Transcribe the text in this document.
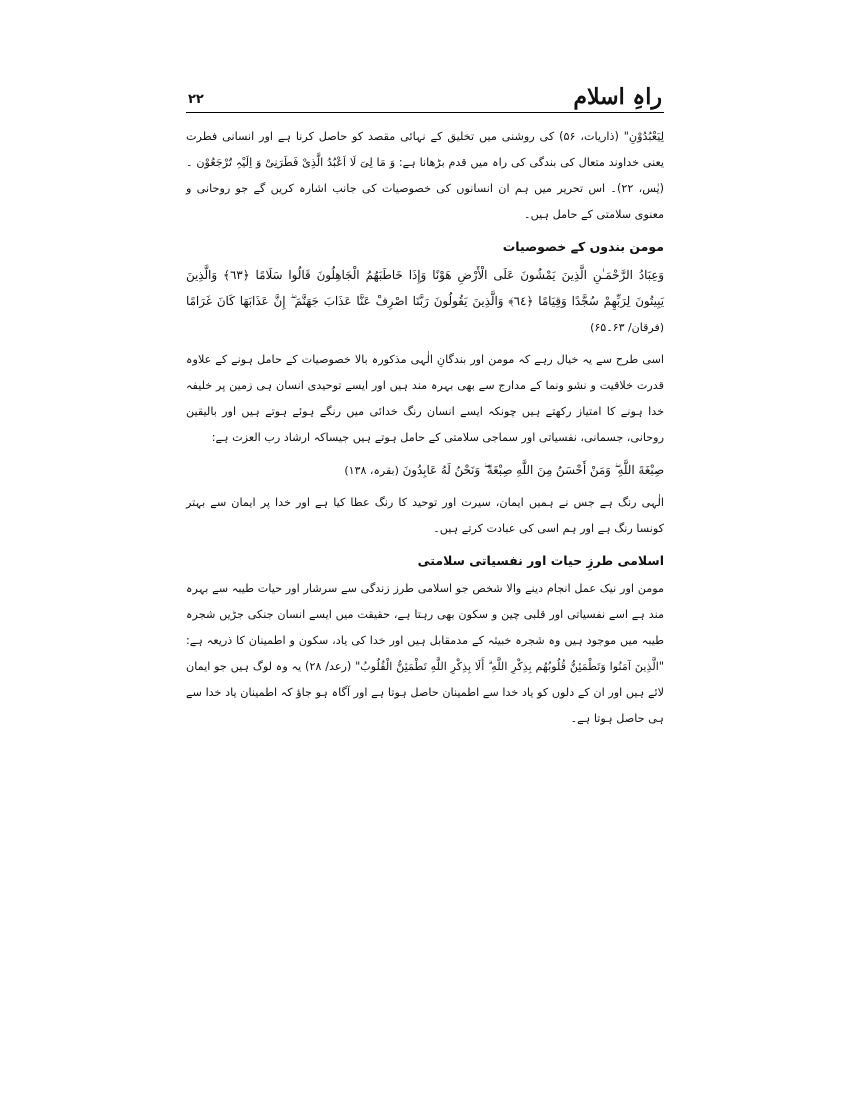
راہِ اسلام
۲۲

لِيَعْبُدُوْنِ" (ذاریات، ۵۶) کی روشنی میں تخلیق کے نہائی مقصد کو حاصل کرنا ہے اور انسانی فطرت یعنی خداوند متعال کی بندگی کی راہ میں قدم بڑھانا ہے: وَ مَا لِیَ لَا اَعْبُدُ الَّذِیْ فَطَرَنِیْ وَ اِلَیْہِ تُرْجَعُوْن ۔ (یٰس، ۲۲)۔ اس تحریر میں ہم ان انسانوں کی خصوصیات کی جانب اشارہ کریں گے جو روحانی و معنوی سلامتی کے حامل ہیں۔

مومن بندوں کے خصوصیات

وَعِبَادُ الرَّحْمَـٰنِ الَّذِينَ يَمْشُونَ عَلَى الْأَرْضِ هَوْنًا وَإِذَا خَاطَبَهُمُ الْجَاهِلُونَ قَالُوا سَلَامًا ﴿٦٣﴾ وَالَّذِينَ يَبِيتُونَ لِرَبِّهِمْ سُجَّدًا وَقِيَامًا ﴿٦٤﴾ وَالَّذِينَ يَقُولُونَ رَبَّنَا اصْرِفْ عَنَّا عَذَابَ جَهَنَّمَ ۖ إِنَّ عَذَابَهَا كَانَ غَرَامًا (فرقان/ ۶۳۔۶۵)

اسی طرح سے یہ خیال رہے کہ مومن اور بندگانِ الٰہی مذکورہ بالا خصوصیات کے حامل ہونے کے علاوہ قدرت خلاقیت و نشو ونما کے مدارج سے بھی بہرہ مند ہیں اور ایسے توحیدی انسان ہی زمین پر خلیفہ خدا ہونے کا امتیاز رکھتے ہیں چونکہ ایسے انسان رنگ خدائی میں رنگے ہوئے ہوتے ہیں اور بالیقین روحانی، جسمانی، نفسیاتی اور سماجی سلامتی کے حامل ہوتے ہیں جیساکہ ارشاد رب العزت ہے:

صِبْغَةَ اللَّهِ ۖ وَمَنْ أَحْسَنُ مِنَ اللَّهِ صِبْغَةً ۖ وَنَحْنُ لَهُ عَابِدُونَ (بقرہ، ۱۳۸)

الٰہی رنگ ہے جس نے ہمیں ایمان، سیرت اور توحید کا رنگ عطا کیا ہے اور خدا پر ایمان سے بہتر کونسا رنگ ہے اور ہم اسی کی عبادت کرتے ہیں۔

اسلامی طرزِ حیات اور نفسیاتی سلامتی

مومن اور نیک عمل انجام دینے والا شخص جو اسلامی طرز زندگی سے سرشار اور حیات طیبہ سے بہرہ مند ہے اسے نفسیاتی اور قلبی چین و سکون بھی رہتا ہے، حقیقت میں ایسے انسان جنکی جڑیں شجرہ طیبہ میں موجود ہیں وہ شجرہ خبیثہ کے مدمقابل ہیں اور خدا کی یاد، سکون و اطمینان کا ذریعہ ہے: "الَّذِينَ آمَنُوا وَتَطْمَئِنُّ قُلُوبُهُم بِذِكْرِ اللَّهِ ۗ أَلَا بِذِكْرِ اللَّهِ تَطْمَئِنُّ الْقُلُوبُ" (رعد/ ۲۸) یہ وہ لوگ ہیں جو ایمان لائے ہیں اور ان کے دلوں کو یاد خدا سے اطمینان حاصل ہوتا ہے اور آگاہ ہو جاؤ کہ اطمینان یاد خدا سے ہی حاصل ہوتا ہے۔
